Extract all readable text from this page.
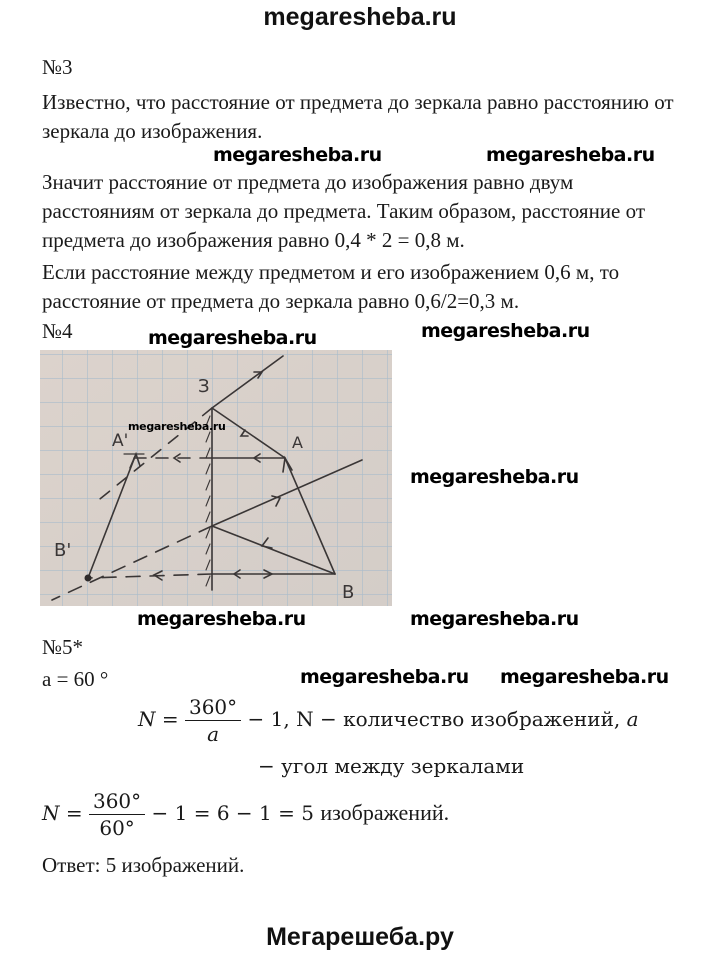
megaresheba.ru
№3
Известно, что расстояние от предмета до зеркала равно расстоянию от зеркала до изображения.
Значит расстояние от предмета до изображения равно двум расстояниям от зеркала до предмета. Таким образом, расстояние от предмета до изображения равно 0,4 * 2 = 0,8 м.
Если расстояние между предметом и его изображением 0,6 м, то расстояние от предмета до зеркала равно 0,6/2=0,3 м.
№4
З
A
A'
B
B'
megaresheba.ru	megaresheba.ru
megaresheba.ru
megaresheba.ru
megaresheba.ru
megaresheba.ru
megaresheba.ru	megaresheba.ru
megaresheba.ru megaresheba.ru
№5*
a = 60 °
$N = \frac{360^\circ}{a} - 1$, N − количество изображений, a
− угол между зеркалами
$N = \frac{360^\circ}{60^\circ} - 1 = 6 - 1 = 5$ изображений.
Ответ: 5 изображений.
Мегарешеба.ру
